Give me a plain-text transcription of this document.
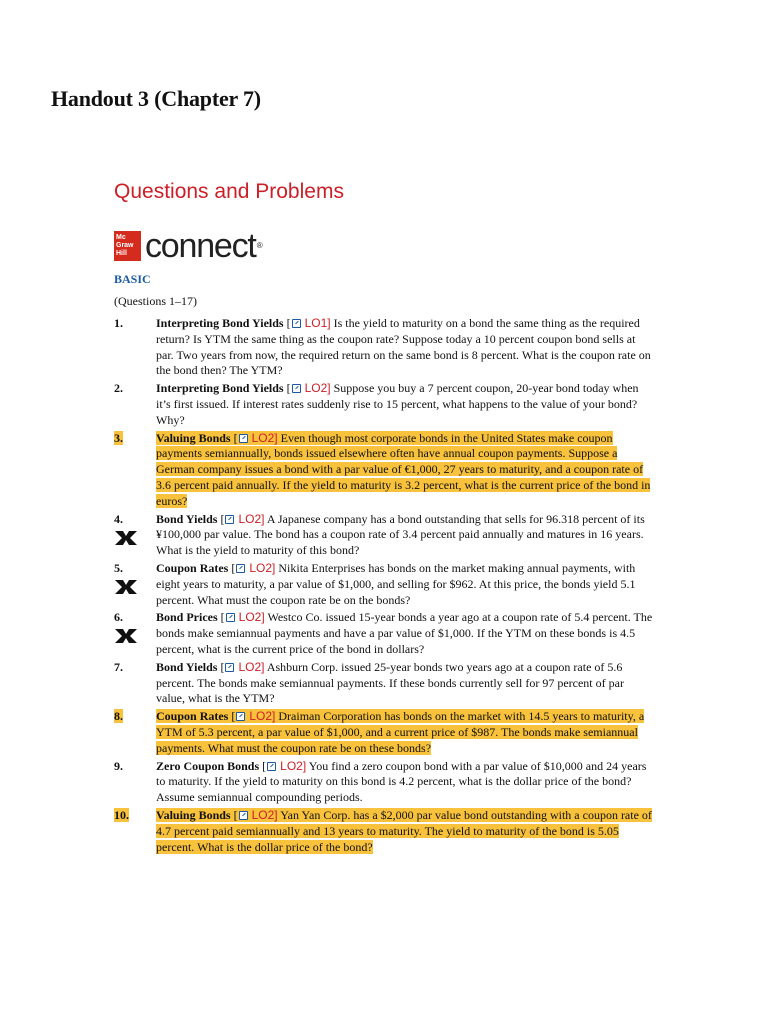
Handout 3 (Chapter 7)
Questions and Problems
Mc
Graw
Hill connect®
BASIC
(Questions 1–17)
1.	Interpreting Bond Yields [ LO1] Is the yield to maturity on a bond the same thing as the required return? Is YTM the same thing as the coupon rate? Suppose today a 10 percent coupon bond sells at par. Two years from now, the required return on the same bond is 8 percent. What is the coupon rate on the bond then? The YTM?
2.	Interpreting Bond Yields [ LO2] Suppose you buy a 7 percent coupon, 20-year bond today when it’s first issued. If interest rates suddenly rise to 15 percent, what happens to the value of your bond? Why?
3.	Valuing Bonds [ LO2] Even though most corporate bonds in the United States make coupon payments semiannually, bonds issued elsewhere often have annual coupon payments. Suppose a German company issues a bond with a par value of €1,000, 27 years to maturity, and a coupon rate of 3.6 percent paid annually. If the yield to maturity is 3.2 percent, what is the current price of the bond in euros?
4.	Bond Yields [ LO2] A Japanese company has a bond outstanding that sells for 96.318 percent of its ¥100,000 par value. The bond has a coupon rate of 3.4 percent paid annually and matures in 16 years. What is the yield to maturity of this bond?
5.	Coupon Rates [ LO2] Nikita Enterprises has bonds on the market making annual payments, with eight years to maturity, a par value of $1,000, and selling for $962. At this price, the bonds yield 5.1 percent. What must the coupon rate be on the bonds?
6.	Bond Prices [ LO2] Westco Co. issued 15-year bonds a year ago at a coupon rate of 5.4 percent. The bonds make semiannual payments and have a par value of $1,000. If the YTM on these bonds is 4.5 percent, what is the current price of the bond in dollars?
7.	Bond Yields [ LO2] Ashburn Corp. issued 25-year bonds two years ago at a coupon rate of 5.6 percent. The bonds make semiannual payments. If these bonds currently sell for 97 percent of par value, what is the YTM?
8.	Coupon Rates [ LO2] Draiman Corporation has bonds on the market with 14.5 years to maturity, a YTM of 5.3 percent, a par value of $1,000, and a current price of $987. The bonds make semiannual payments. What must the coupon rate be on these bonds?
9.	Zero Coupon Bonds [ LO2] You find a zero coupon bond with a par value of $10,000 and 24 years to maturity. If the yield to maturity on this bond is 4.2 percent, what is the dollar price of the bond? Assume semiannual compounding periods.
10.	Valuing Bonds [ LO2] Yan Yan Corp. has a $2,000 par value bond outstanding with a coupon rate of 4.7 percent paid semiannually and 13 years to maturity. The yield to maturity of the bond is 5.05 percent. What is the dollar price of the bond?
